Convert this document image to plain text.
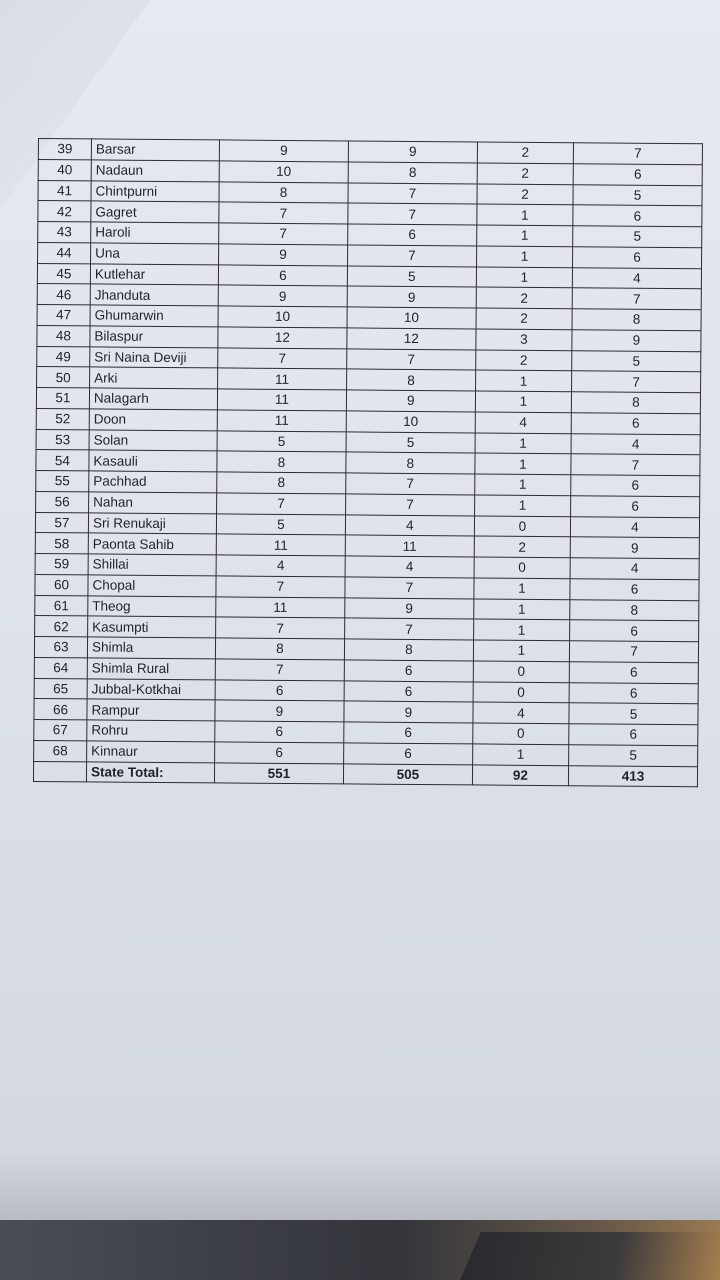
39	Barsar	9	9	2	7
40	Nadaun	10	8	2	6
41	Chintpurni	8	7	2	5
42	Gagret	7	7	1	6
43	Haroli	7	6	1	5
44	Una	9	7	1	6
45	Kutlehar	6	5	1	4
46	Jhanduta	9	9	2	7
47	Ghumarwin	10	10	2	8
48	Bilaspur	12	12	3	9
49	Sri Naina Deviji	7	7	2	5
50	Arki	11	8	1	7
51	Nalagarh	11	9	1	8
52	Doon	11	10	4	6
53	Solan	5	5	1	4
54	Kasauli	8	8	1	7
55	Pachhad	8	7	1	6
56	Nahan	7	7	1	6
57	Sri Renukaji	5	4	0	4
58	Paonta Sahib	11	11	2	9
59	Shillai	4	4	0	4
60	Chopal	7	7	1	6
61	Theog	11	9	1	8
62	Kasumpti	7	7	1	6
63	Shimla	8	8	1	7
64	Shimla Rural	7	6	0	6
65	Jubbal-Kotkhai	6	6	0	6
66	Rampur	9	9	4	5
67	Rohru	6	6	0	6
68	Kinnaur	6	6	1	5
	State Total:	551	505	92	413
